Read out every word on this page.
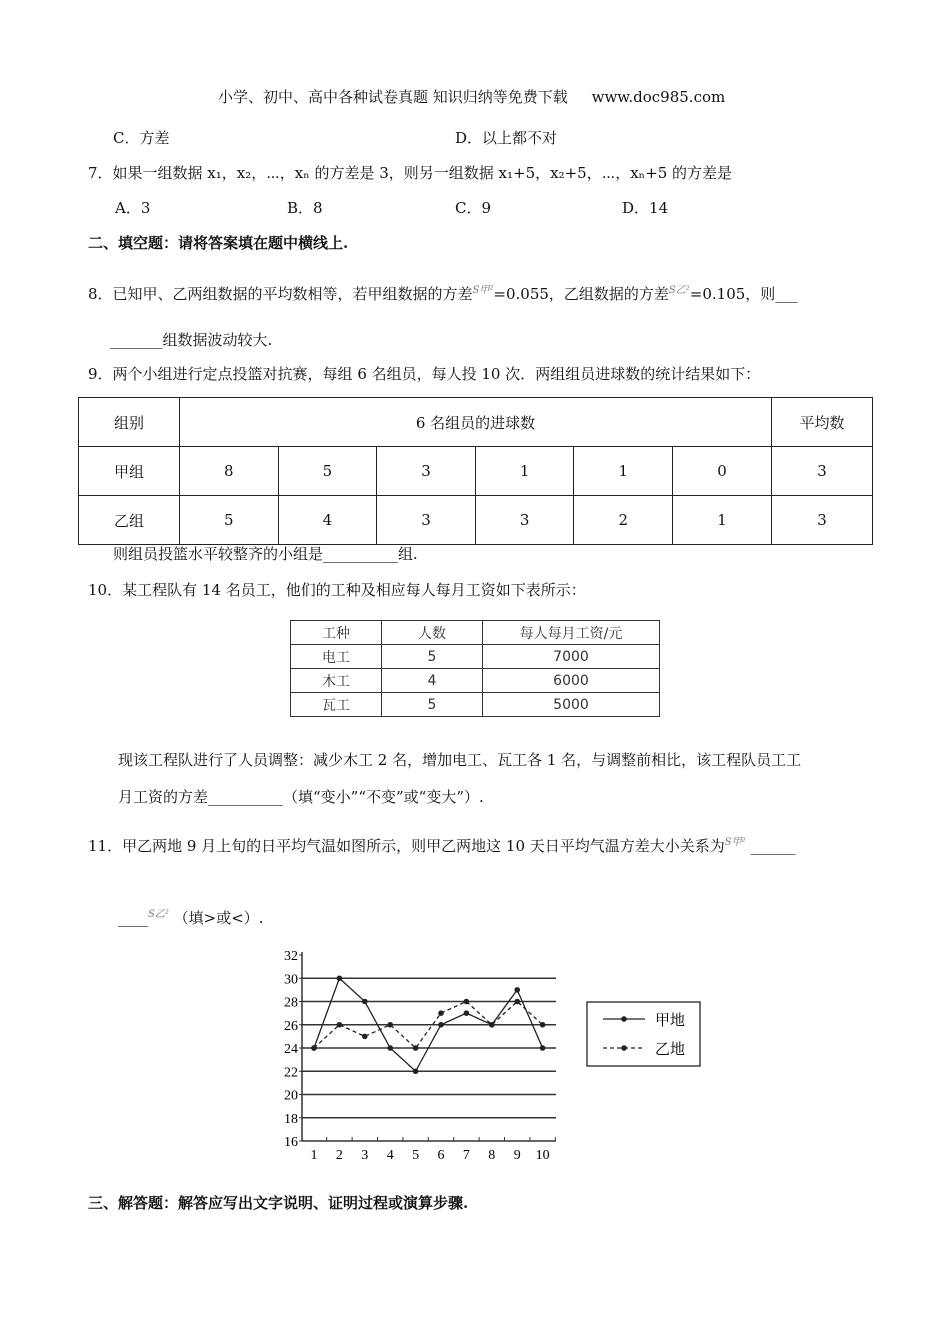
小学、初中、高中各种试卷真题 知识归纳等免费下载 www.doc985.com
C．方差	D．以上都不对
7．如果一组数据 x₁，x₂，⋯，xₙ 的方差是 3，则另一组数据 x₁+5，x₂+5，⋯，xₙ+5 的方差是
A．3	B．8	C．9	D．14
二、填空题：请将答案填在题中横线上.
8．已知甲、乙两组数据的平均数相等，若甲组数据的方差$^{S甲^2}$=0.055，乙组数据的方差$^{S乙^2}$=0.105，则___
_______组数据波动较大.
9．两个小组进行定点投篮对抗赛，每组 6 名组员，每人投 10 次．两组组员进球数的统计结果如下：
组别	6 名组员的进球数						平均数
甲组	8	5	3	1	1	0	3
乙组	5	4	3	3	2	1	3
则组员投篮水平较整齐的小组是__________组.
10．某工程队有 14 名员工，他们的工种及相应每人每月工资如下表所示：
工种	人数	每人每月工资/元
电工	5	7000
木工	4	6000
瓦工	5	5000
现该工程队进行了人员调整：减少木工 2 名，增加电工、瓦工各 1 名，与调整前相比，该工程队员工工
月工资的方差__________（填“变小”“不变”或“变大”）.
11．甲乙两地 9 月上旬的日平均气温如图所示，则甲乙两地这 10 天日平均气温方差大小关系为$^{S甲^2}$ ______
____$^{S乙^2}$ （填>或<）.
16
18
20
22
24
26
28
30
32
1 2 3 4 5 6 7 8 9 10
甲地
乙地
三、解答题：解答应写出文字说明、证明过程或演算步骤.
